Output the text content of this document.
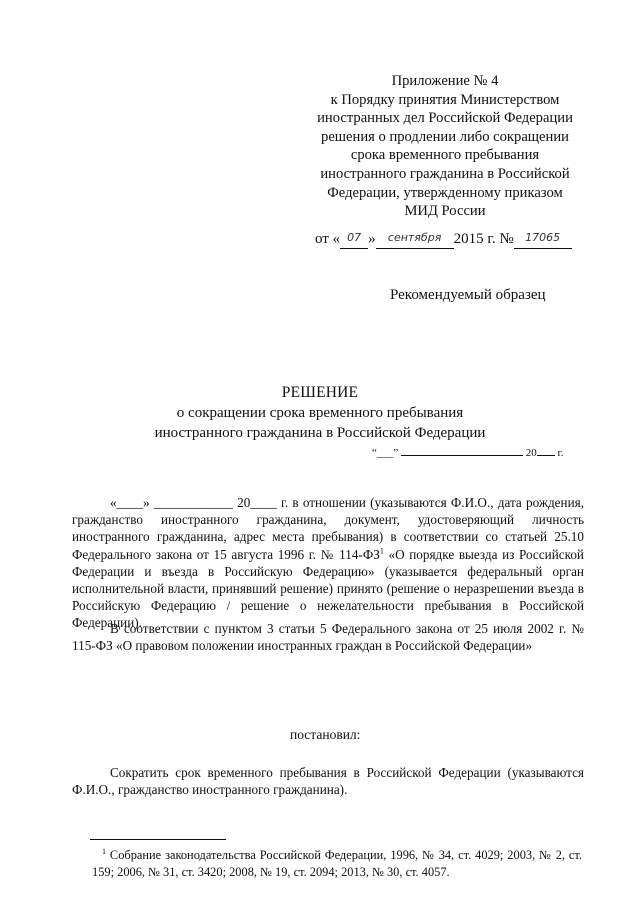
Приложение № 4
к Порядку принятия Министерством
иностранных дел Российской Федерации
решения о продлении либо сокращении
срока временного пребывания
иностранного гражданина в Российской
Федерации, утвержденному приказом
МИД России
от « 07 » сентября 2015 г. № 17065
Рекомендуемый образец
РЕШЕНИЕ
о сокращении срока временного пребывания
иностранного гражданина в Российской Федерации
“___”	20 г.
«____» ____________ 20____ г. в отношении (указываются Ф.И.О., дата рождения, гражданство иностранного гражданина, документ, удостоверяющий личность иностранного гражданина, адрес места пребывания) в соответствии со статьей 25.10 Федерального закона от 15 августа 1996 г. № $114-ФЗ^1$ «О порядке выезда из Российской Федерации и въезда в Российскую Федерацию» (указывается федеральный орган исполнительной власти, принявший решение) принято (решение о неразрешении въезда в Российскую Федерацию / решение о нежелательности пребывания в Российской Федерации).
В соответствии с пунктом 3 статьи 5 Федерального закона от 25 июля 2002 г. № 115-ФЗ «О правовом положении иностранных граждан в Российской Федерации»
постановил:
Сократить срок временного пребывания в Российской Федерации (указываются Ф.И.О., гражданство иностранного гражданина).
$^1$ Собрание законодательства Российской Федерации, 1996, № 34, ст. 4029; 2003, № 2, ст. 159; 2006, № 31, ст. 3420; 2008, № 19, ст. 2094; 2013, № 30, ст. 4057.
